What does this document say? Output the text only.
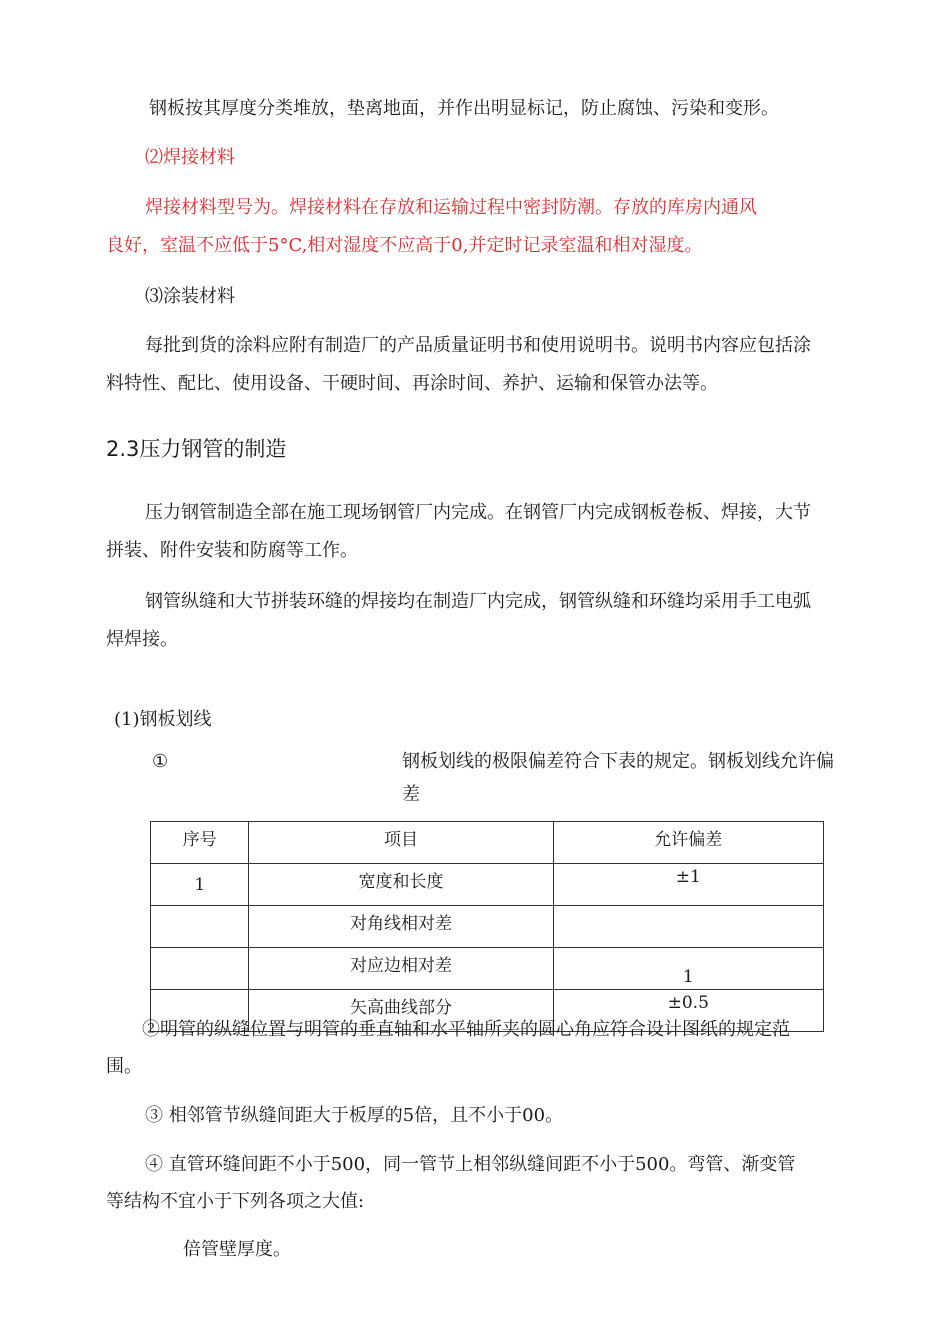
钢板按其厚度分类堆放，垫离地面，并作出明显标记，防止腐蚀、污染和变形。
⑵焊接材料
焊接材料型号为。焊接材料在存放和运输过程中密封防潮。存放的库房内通风
良好，室温不应低于5°C,相对湿度不应高于0,并定时记录室温和相对湿度。
⑶涂装材料
每批到货的涂料应附有制造厂的产品质量证明书和使用说明书。说明书内容应包括涂
料特性、配比、使用设备、干硬时间、再涂时间、养护、运输和保管办法等。
2.3压力钢管的制造
压力钢管制造全部在施工现场钢管厂内完成。在钢管厂内完成钢板卷板、焊接，大节
拼装、附件安装和防腐等工作。
钢管纵缝和大节拼装环缝的焊接均在制造厂内完成，钢管纵缝和环缝均采用手工电弧
焊焊接。
(1)钢板划线
①	钢板划线的极限偏差符合下表的规定。钢板划线允许偏
差
序号	项目	允许偏差
1	宽度和长度	±1
	对角线相对差	
	对应边相对差	1
	矢高曲线部分	±0.5
②明管的纵缝位置与明管的垂直轴和水平轴所夹的圆心角应符合设计图纸的规定范
围。
③ 相邻管节纵缝间距大于板厚的5倍，且不小于00。
④ 直管环缝间距不小于500，同一管节上相邻纵缝间距不小于500。弯管、渐变管
等结构不宜小于下列各项之大值:
倍管壁厚度。
